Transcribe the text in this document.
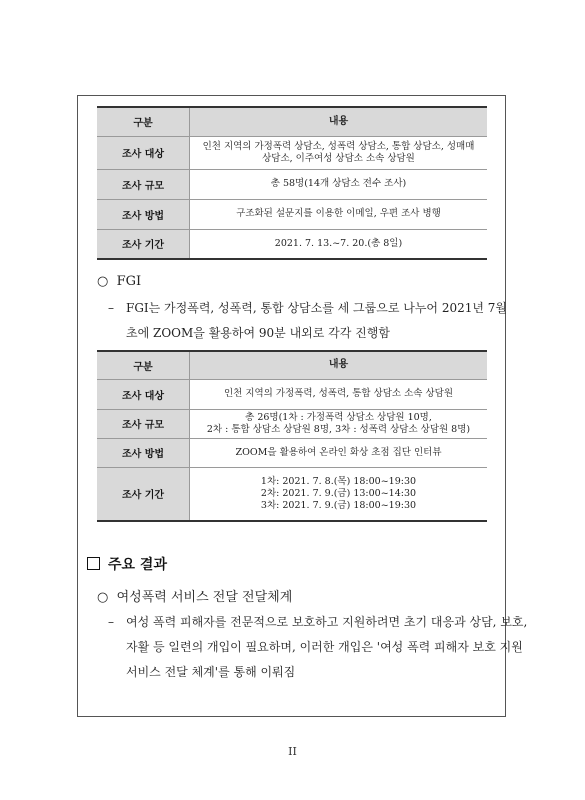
구분	내용
조사 대상	인천 지역의 가정폭력 상담소, 성폭력 상담소, 통합 상담소, 성매매
상담소, 이주여성 상담소 소속 상담원

조사 규모	총 58명(14개 상담소 전수 조사)
조사 방법	구조화된 설문지를 이용한 이메일, 우편 조사 병행
조사 기간	2021. 7. 13.~7. 20.(총 8일)
○ FGI
–	FGI는 가정폭력, 성폭력, 통합 상담소를 세 그룹으로 나누어 2021년 7월
초에 ZOOM을 활용하여 90분 내외로 각각 진행함
구분	내용
조사 대상	인천 지역의 가정폭력, 성폭력, 통합 상담소 소속 상담원
조사 규모	총 26명(1차 : 가정폭력 상담소 상담원 10명,
2차 : 통합 상담소 상담원 8명, 3차 : 성폭력 상담소 상담원 8명)

조사 방법	ZOOM을 활용하여 온라인 화상 초점 집단 인터뷰
조사 기간	1차: 2021. 7. 8.(목) 18:00~19:30
2차: 2021. 7. 9.(금) 13:00~14:30
3차: 2021. 7. 9.(금) 18:00~19:30
주요 결과
○ 여성폭력 서비스 전달 전달체계
–	여성 폭력 피해자를 전문적으로 보호하고 지원하려면 초기 대응과 상담, 보호,
자활 등 일련의 개입이 필요하며, 이러한 개입은 '여성 폭력 피해자 보호 지원
서비스 전달 체계'를 통해 이뤄짐
II
